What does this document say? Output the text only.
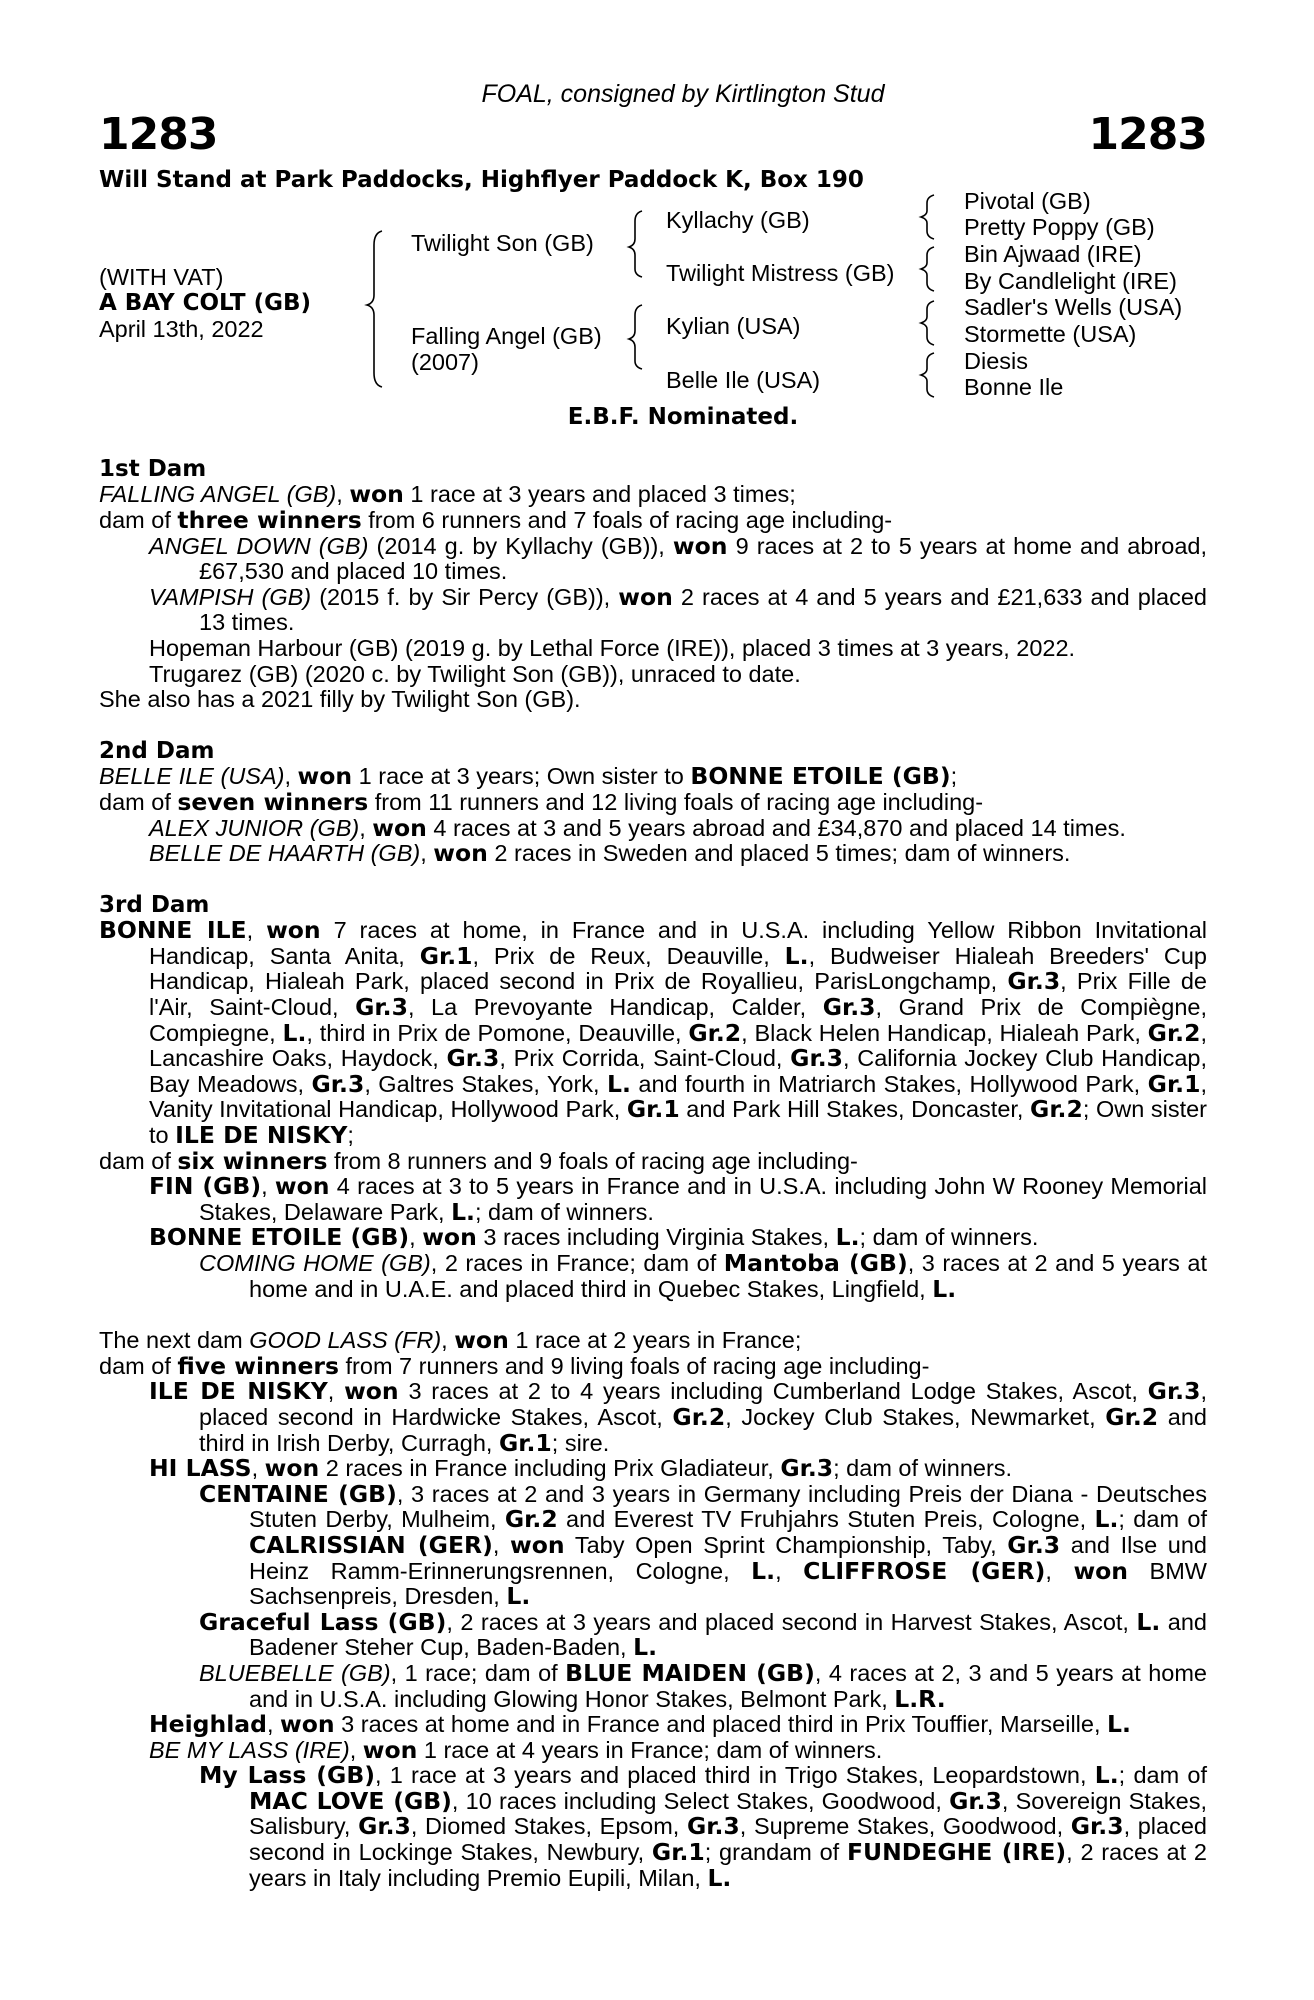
FOAL, consigned by Kirtlington Stud
1283	1283
Will Stand at Park Paddocks, Highflyer Paddock K, Box 190
(WITH VAT)
A BAY COLT (GB)
April 13th, 2022
Twilight Son (GB)
Falling Angel (GB)
(2007)
Kyllachy (GB)
Twilight Mistress (GB)
Kylian (USA)
Belle Ile (USA)
Pivotal (GB)
Pretty Poppy (GB)
Bin Ajwaad (IRE)
By Candlelight (IRE)
Sadler's Wells (USA)
Stormette (USA)
Diesis
Bonne Ile
E.B.F. Nominated.

1st Dam

FALLING ANGEL (GB), won 1 race at 3 years and placed 3 times;

dam of three winners from 6 runners and 7 foals of racing age including-

ANGEL DOWN (GB) (2014 g. by Kyllachy (GB)), won 9 races at 2 to 5 years at home and abroad, £67,530 and placed 10 times.

VAMPISH (GB) (2015 f. by Sir Percy (GB)), won 2 races at 4 and 5 years and £21,633 and placed 13 times.

Hopeman Harbour (GB) (2019 g. by Lethal Force (IRE)), placed 3 times at 3 years, 2022.

Trugarez (GB) (2020 c. by Twilight Son (GB)), unraced to date.

She also has a 2021 filly by Twilight Son (GB).

2nd Dam

BELLE ILE (USA), won 1 race at 3 years; Own sister to BONNE ETOILE (GB);

dam of seven winners from 11 runners and 12 living foals of racing age including-

ALEX JUNIOR (GB), won 4 races at 3 and 5 years abroad and £34,870 and placed 14 times.

BELLE DE HAARTH (GB), won 2 races in Sweden and placed 5 times; dam of winners.

3rd Dam

BONNE ILE, won 7 races at home, in France and in U.S.A. including Yellow Ribbon Invitational Handicap, Santa Anita, Gr.1, Prix de Reux, Deauville, L., Budweiser Hialeah Breeders' Cup Handicap, Hialeah Park, placed second in Prix de Royallieu, ParisLongchamp, Gr.3, Prix Fille de l'Air, Saint-Cloud, Gr.3, La Prevoyante Handicap, Calder, Gr.3, Grand Prix de Compiègne, Compiegne, L., third in Prix de Pomone, Deauville, Gr.2, Black Helen Handicap, Hialeah Park, Gr.2, Lancashire Oaks, Haydock, Gr.3, Prix Corrida, Saint-Cloud, Gr.3, California Jockey Club Handicap, Bay Meadows, Gr.3, Galtres Stakes, York, L. and fourth in Matriarch Stakes, Hollywood Park, Gr.1, Vanity Invitational Handicap, Hollywood Park, Gr.1 and Park Hill Stakes, Doncaster, Gr.2; Own sister to ILE DE NISKY;

dam of six winners from 8 runners and 9 foals of racing age including-

FIN (GB), won 4 races at 3 to 5 years in France and in U.S.A. including John W Rooney Memorial Stakes, Delaware Park, L.; dam of winners.

BONNE ETOILE (GB), won 3 races including Virginia Stakes, L.; dam of winners.

COMING HOME (GB), 2 races in France; dam of Mantoba (GB), 3 races at 2 and 5 years at home and in U.A.E. and placed third in Quebec Stakes, Lingfield, L.

The next dam GOOD LASS (FR), won 1 race at 2 years in France;

dam of five winners from 7 runners and 9 living foals of racing age including-

ILE DE NISKY, won 3 races at 2 to 4 years including Cumberland Lodge Stakes, Ascot, Gr.3, placed second in Hardwicke Stakes, Ascot, Gr.2, Jockey Club Stakes, Newmarket, Gr.2 and third in Irish Derby, Curragh, Gr.1; sire.

HI LASS, won 2 races in France including Prix Gladiateur, Gr.3; dam of winners.

CENTAINE (GB), 3 races at 2 and 3 years in Germany including Preis der Diana - Deutsches Stuten Derby, Mulheim, Gr.2 and Everest TV Fruhjahrs Stuten Preis, Cologne, L.; dam of CALRISSIAN (GER), won Taby Open Sprint Championship, Taby, Gr.3 and Ilse und Heinz Ramm-Erinnerungsrennen, Cologne, L., CLIFFROSE (GER), won BMW Sachsenpreis, Dresden, L.

Graceful Lass (GB), 2 races at 3 years and placed second in Harvest Stakes, Ascot, L. and Badener Steher Cup, Baden-Baden, L.

BLUEBELLE (GB), 1 race; dam of BLUE MAIDEN (GB), 4 races at 2, 3 and 5 years at home and in U.S.A. including Glowing Honor Stakes, Belmont Park, L.R.

Heighlad, won 3 races at home and in France and placed third in Prix Touffier, Marseille, L.

BE MY LASS (IRE), won 1 race at 4 years in France; dam of winners.

My Lass (GB), 1 race at 3 years and placed third in Trigo Stakes, Leopardstown, L.; dam of MAC LOVE (GB), 10 races including Select Stakes, Goodwood, Gr.3, Sovereign Stakes, Salisbury, Gr.3, Diomed Stakes, Epsom, Gr.3, Supreme Stakes, Goodwood, Gr.3, placed second in Lockinge Stakes, Newbury, Gr.1; grandam of FUNDEGHE (IRE), 2 races at 2 years in Italy including Premio Eupili, Milan, L.
